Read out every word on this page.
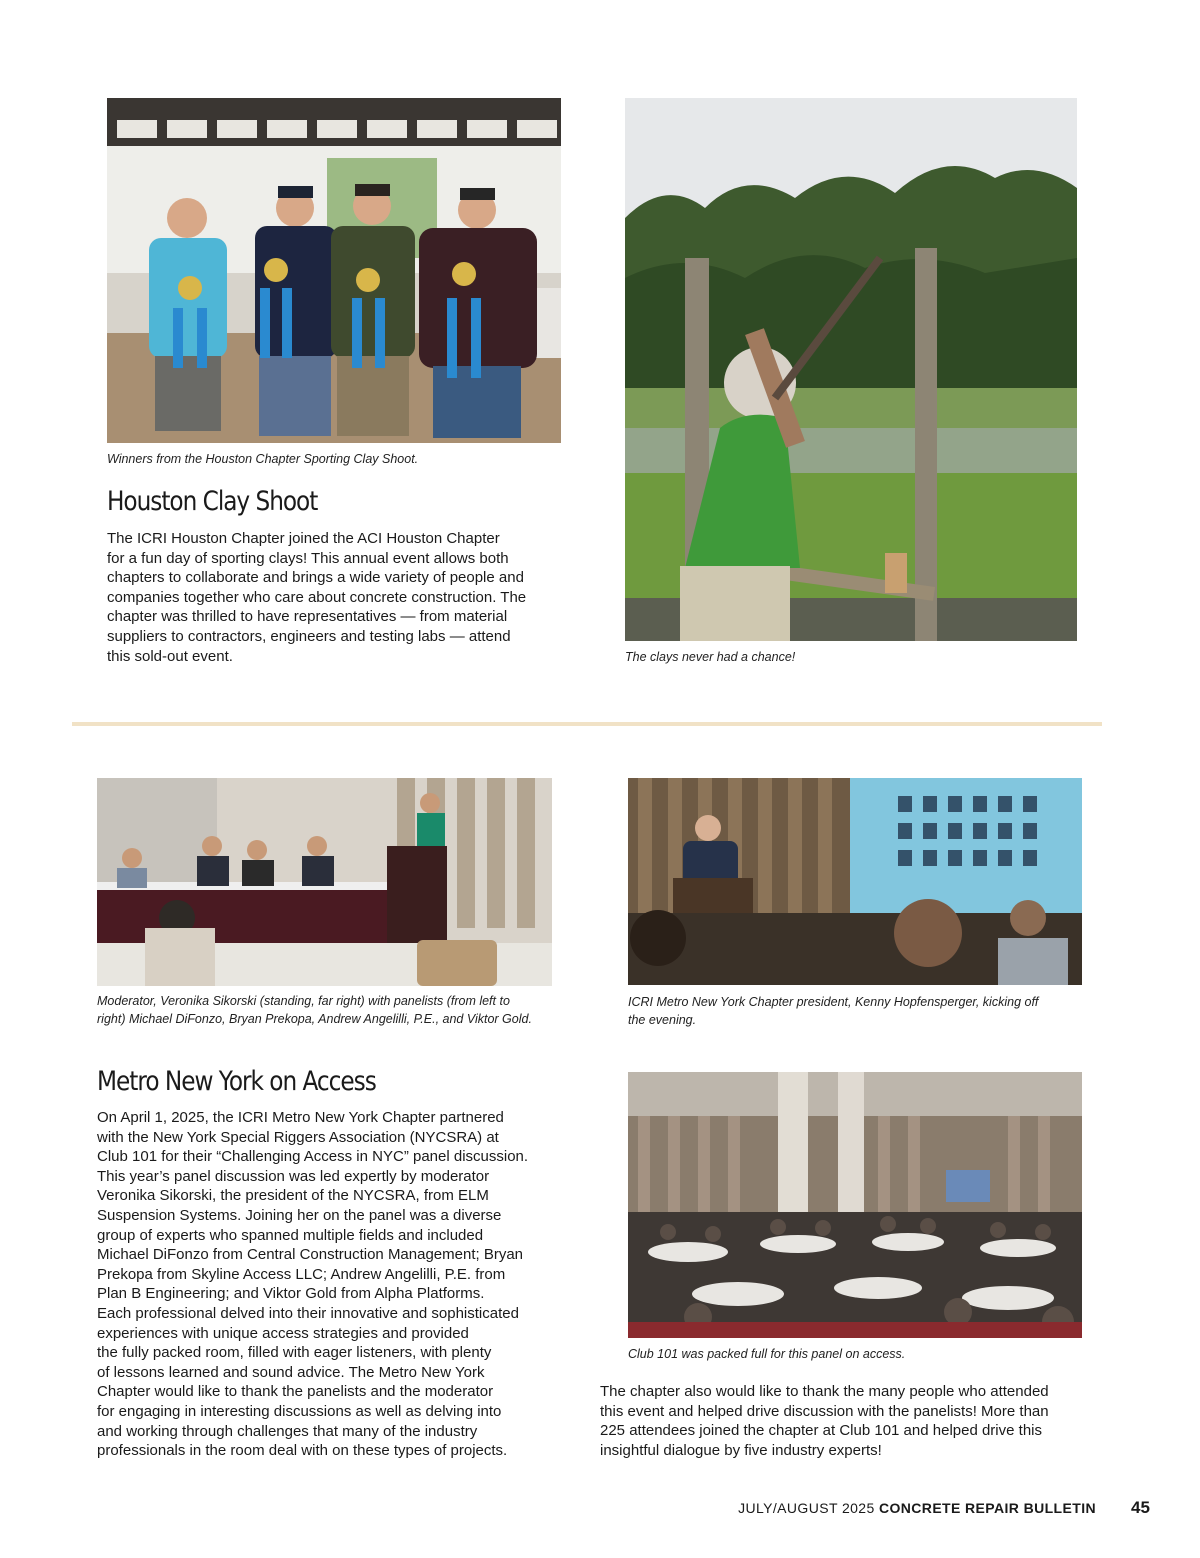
Winners from the Houston Chapter Sporting Clay Shoot.
Houston Clay Shoot
The ICRI Houston Chapter joined the ACI Houston Chapter
for a fun day of sporting clays! This annual event allows both
chapters to collaborate and brings a wide variety of people and
companies together who care about concrete construction. The
chapter was thrilled to have representatives — from material
suppliers to contractors, engineers and testing labs — attend
this sold-out event.	The clays never had a chance!
Moderator, Veronika Sikorski (standing, far right) with panelists (from left to
right) Michael DiFonzo, Bryan Prekopa, Andrew Angelilli, P.E., and Viktor Gold.
ICRI Metro New York Chapter president, Kenny Hopfensperger, kicking off
the evening.
Metro New York on Access
On April 1, 2025, the ICRI Metro New York Chapter partnered
with the New York Special Riggers Association (NYCSRA) at
Club 101 for their “Challenging Access in NYC” panel discussion.
This year’s panel discussion was led expertly by moderator
Veronika Sikorski, the president of the NYCSRA, from ELM
Suspension Systems. Joining her on the panel was a diverse
group of experts who spanned multiple fields and included
Michael DiFonzo from Central Construction Management; Bryan
Prekopa from Skyline Access LLC; Andrew Angelilli, P.E. from
Plan B Engineering; and Viktor Gold from Alpha Platforms.
Each professional delved into their innovative and sophisticated
experiences with unique access strategies and provided
the fully packed room, filled with eager listeners, with plenty
of lessons learned and sound advice. The Metro New York
Chapter would like to thank the panelists and the moderator
for engaging in interesting discussions as well as delving into
and working through challenges that many of the industry
professionals in the room deal with on these types of projects.
Club 101 was packed full for this panel on access.
The chapter also would like to thank the many people who attended
this event and helped drive discussion with the panelists! More than
225 attendees joined the chapter at Club 101 and helped drive this
insightful dialogue by five industry experts!
JULY/AUGUST 2025 CONCRETE REPAIR BULLETIN 45
